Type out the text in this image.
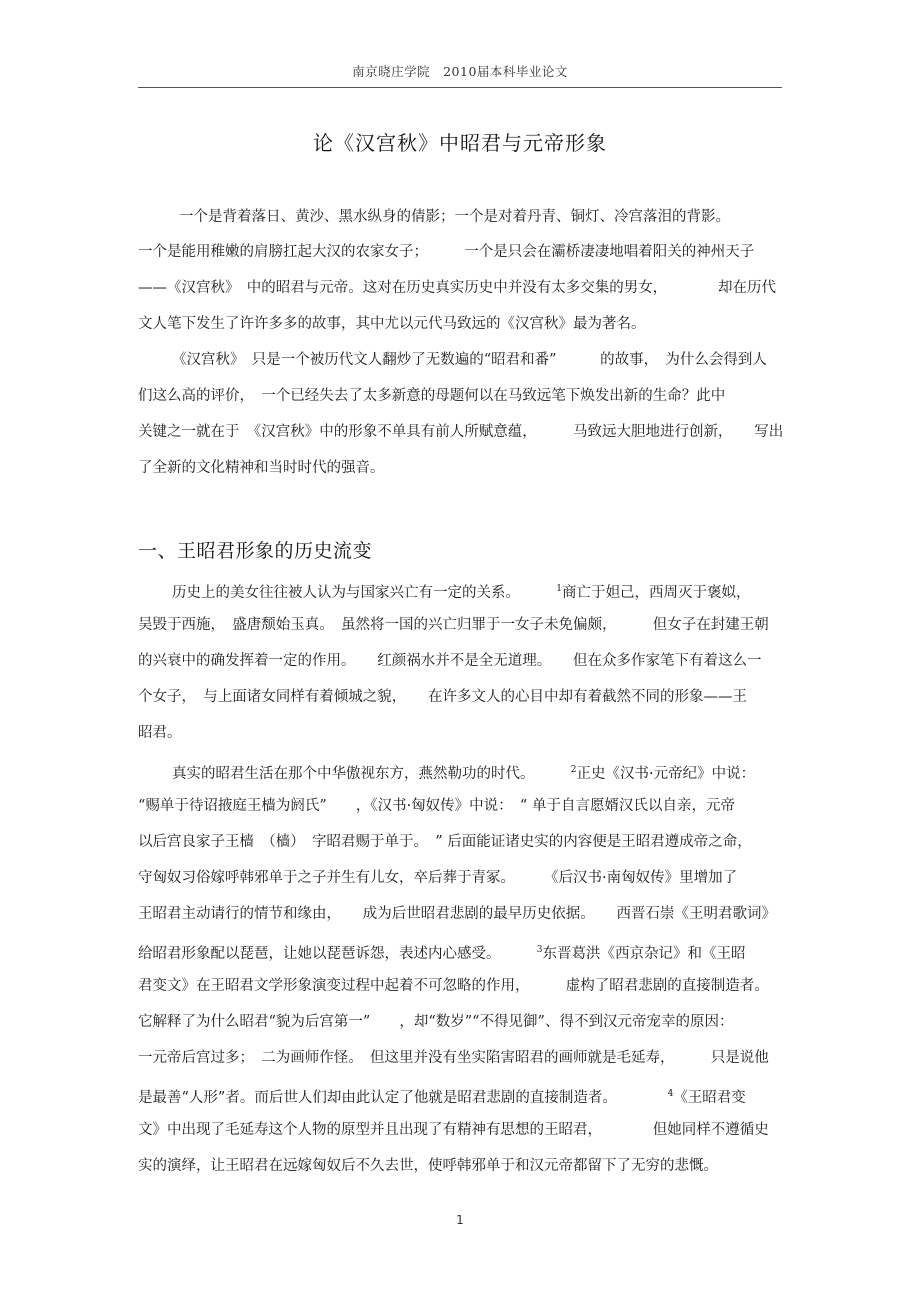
南京晓庄学院　2010届本科毕业论文
论《汉宫秋》中昭君与元帝形象
一个是背着落日、黄沙、黑水纵身的倩影；一个是对着丹青、铜灯、冷宫落泪的背影。
一个是能用稚嫩的肩膀扛起大汉的农家女子；　　　一个是只会在灞桥凄凄地唱着阳关的神州天子
——《汉宫秋》　中的昭君与元帝。这对在历史真实历史中并没有太多交集的男女，　　　　却在历代
文人笔下发生了许许多多的故事，其中尤以元代马致远的《汉宫秋》最为著名。
《汉宫秋》　只是一个被历代文人翻炒了无数遍的“昭君和番”　　　的故事，　为什么会得到人
们这么高的评价，　一个已经失去了太多新意的母题何以在马致远笔下焕发出新的生命？此中
关键之一就在于　《汉宫秋》中的形象不单具有前人所赋意蕴，　　　马致远大胆地进行创新，　　写出
了全新的文化精神和当时时代的强音。
一、王昭君形象的历史流变
历史上的美女往往被人认为与国家兴亡有一定的关系。　　　$^1$商亡于妲己，西周灭于褒姒，
吴毁于西施，　盛唐颓始玉真。　虽然将一国的兴亡归罪于一女子未免偏颇，　　　但女子在封建王朝
的兴衰中的确发挥着一定的作用。　　红颜祸水并不是全无道理。　　但在众多作家笔下有着这么一
个女子，　与上面诸女同样有着倾城之貌，　　在许多文人的心目中却有着截然不同的形象——王
昭君。
真实的昭君生活在那个中华傲视东方，燕然勒功的时代。　　　$^2$正史《汉书·元帝纪》中说：
“赐单于待诏掖庭王樯为阏氏”　　，《汉书·匈奴传》中说：　“ 单于自言愿婿汉氏以自亲，元帝
以后宫良家子王樯　（樯）　字昭君赐于单于。　” 后面能证诸史实的内容便是王昭君遵成帝之命，
守匈奴习俗嫁呼韩邪单于之子并生有儿女，卒后葬于青冢。　　　《后汉书·南匈奴传》里增加了
王昭君主动请行的情节和缘由，　　成为后世昭君悲剧的最早历史依据。　　西晋石崇《王明君歌词》
给昭君形象配以琵琶，让她以琵琶诉怨，表述内心感受。　　　$^3$东晋葛洪《西京杂记》和《王昭
君变文》在王昭君文学形象演变过程中起着不可忽略的作用，　　　虚构了昭君悲剧的直接制造者。
它解释了为什么昭君“貌为后宫第一”　　，却“数岁”“不得见御”、得不到汉元帝宠幸的原因：
一元帝后宫过多；　二为画师作怪。　但这里并没有坐实陷害昭君的画师就是毛延寿，　　　只是说他
是最善“人形”者。而后世人们却由此认定了他就是昭君悲剧的直接制造者。　　　　$^4$《王昭君变
文》中出现了毛延寿这个人物的原型并且出现了有精神有思想的王昭君，　　　　但她同样不遵循史
实的演绎，让王昭君在远嫁匈奴后不久去世，使呼韩邪单于和汉元帝都留下了无穷的悲慨。
1
